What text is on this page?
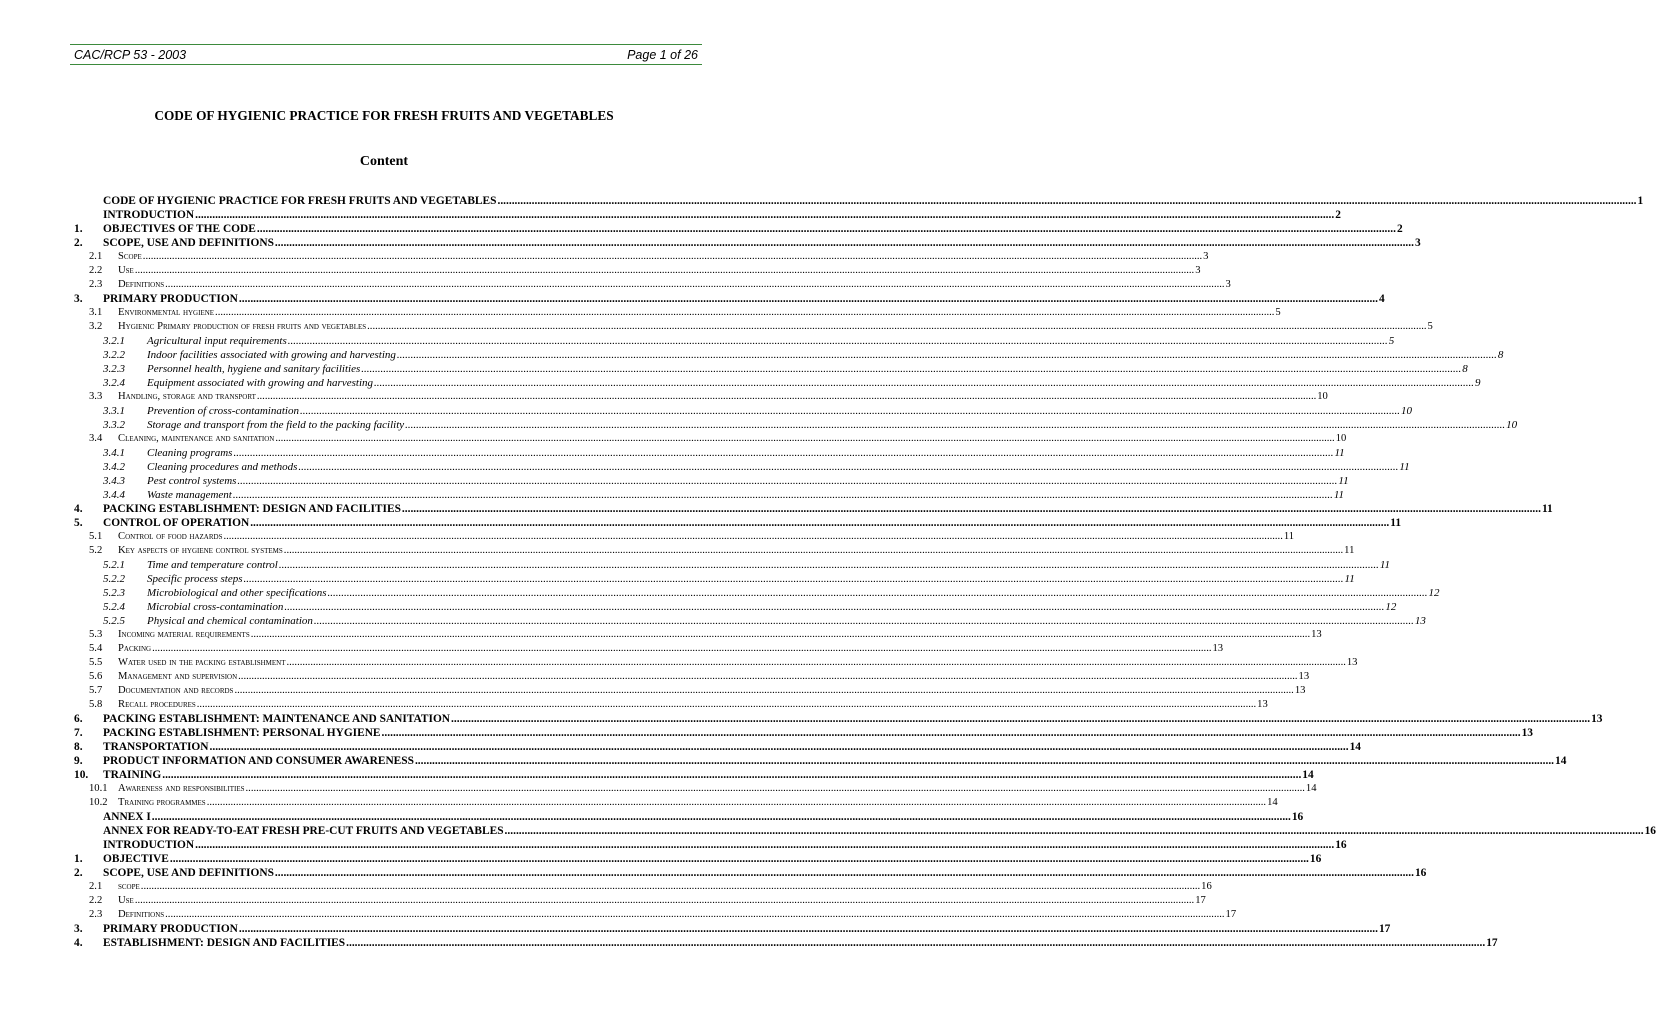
CAC/RCP 53 - 2003	Page 1 of 26
CODE OF HYGIENIC PRACTICE FOR FRESH FRUITS AND VEGETABLES
Content
CODE OF HYGIENIC PRACTICE FOR FRESH FRUITS AND VEGETABLES ................................................................................................................................................................................................................................................................................................................................................................................................................ 1
INTRODUCTION ................................................................................................................................................................................................................................................................................................................................................................................................................ 2
1. OBJECTIVES OF THE CODE ................................................................................................................................................................................................................................................................................................................................................................................................................ 2
2. SCOPE, USE AND DEFINITIONS ................................................................................................................................................................................................................................................................................................................................................................................................................ 3
2.1 Scope ................................................................................................................................................................................................................................................................................................................................................................................................................ 3
2.2 Use ................................................................................................................................................................................................................................................................................................................................................................................................................ 3
2.3 Definitions ................................................................................................................................................................................................................................................................................................................................................................................................................ 3
3. PRIMARY PRODUCTION ................................................................................................................................................................................................................................................................................................................................................................................................................ 4
3.1 Environmental hygiene ................................................................................................................................................................................................................................................................................................................................................................................................................ 5
3.2 Hygienic Primary production of fresh fruits and vegetables ................................................................................................................................................................................................................................................................................................................................................................................................................ 5
3.2.1 Agricultural input requirements ................................................................................................................................................................................................................................................................................................................................................................................................................ 5
3.2.2 Indoor facilities associated with growing and harvesting ................................................................................................................................................................................................................................................................................................................................................................................................................ 8
3.2.3 Personnel health, hygiene and sanitary facilities ................................................................................................................................................................................................................................................................................................................................................................................................................ 8
3.2.4 Equipment associated with growing and harvesting ................................................................................................................................................................................................................................................................................................................................................................................................................ 9
3.3 Handling, storage and transport ................................................................................................................................................................................................................................................................................................................................................................................................................ 10
3.3.1 Prevention of cross-contamination ................................................................................................................................................................................................................................................................................................................................................................................................................ 10
3.3.2 Storage and transport from the field to the packing facility ................................................................................................................................................................................................................................................................................................................................................................................................................ 10
3.4 Cleaning, maintenance and sanitation ................................................................................................................................................................................................................................................................................................................................................................................................................ 10
3.4.1 Cleaning programs ................................................................................................................................................................................................................................................................................................................................................................................................................ 11
3.4.2 Cleaning procedures and methods ................................................................................................................................................................................................................................................................................................................................................................................................................ 11
3.4.3 Pest control systems ................................................................................................................................................................................................................................................................................................................................................................................................................ 11
3.4.4 Waste management ................................................................................................................................................................................................................................................................................................................................................................................................................ 11
4. PACKING ESTABLISHMENT: DESIGN AND FACILITIES ................................................................................................................................................................................................................................................................................................................................................................................................................ 11
5. CONTROL OF OPERATION ................................................................................................................................................................................................................................................................................................................................................................................................................ 11
5.1 Control of food hazards ................................................................................................................................................................................................................................................................................................................................................................................................................ 11
5.2 Key aspects of hygiene control systems ................................................................................................................................................................................................................................................................................................................................................................................................................ 11
5.2.1 Time and temperature control ................................................................................................................................................................................................................................................................................................................................................................................................................ 11
5.2.2 Specific process steps ................................................................................................................................................................................................................................................................................................................................................................................................................ 11
5.2.3 Microbiological and other specifications ................................................................................................................................................................................................................................................................................................................................................................................................................ 12
5.2.4 Microbial cross-contamination ................................................................................................................................................................................................................................................................................................................................................................................................................ 12
5.2.5 Physical and chemical contamination ................................................................................................................................................................................................................................................................................................................................................................................................................ 13
5.3 Incoming material requirements ................................................................................................................................................................................................................................................................................................................................................................................................................ 13
5.4 Packing ................................................................................................................................................................................................................................................................................................................................................................................................................ 13
5.5 Water used in the packing establishment ................................................................................................................................................................................................................................................................................................................................................................................................................ 13
5.6 Management and supervision ................................................................................................................................................................................................................................................................................................................................................................................................................ 13
5.7 Documentation and records ................................................................................................................................................................................................................................................................................................................................................................................................................ 13
5.8 Recall procedures ................................................................................................................................................................................................................................................................................................................................................................................................................ 13
6. PACKING ESTABLISHMENT: MAINTENANCE AND SANITATION ................................................................................................................................................................................................................................................................................................................................................................................................................ 13
7. PACKING ESTABLISHMENT: PERSONAL HYGIENE ................................................................................................................................................................................................................................................................................................................................................................................................................ 13
8. TRANSPORTATION ................................................................................................................................................................................................................................................................................................................................................................................................................ 14
9. PRODUCT INFORMATION AND CONSUMER AWARENESS ................................................................................................................................................................................................................................................................................................................................................................................................................ 14
10. TRAINING ................................................................................................................................................................................................................................................................................................................................................................................................................ 14
10.1 Awareness and responsibilities ................................................................................................................................................................................................................................................................................................................................................................................................................ 14
10.2 Training programmes ................................................................................................................................................................................................................................................................................................................................................................................................................ 14
ANNEX I ................................................................................................................................................................................................................................................................................................................................................................................................................ 16
ANNEX FOR READY-TO-EAT FRESH PRE-CUT FRUITS AND VEGETABLES ................................................................................................................................................................................................................................................................................................................................................................................................................ 16
INTRODUCTION ................................................................................................................................................................................................................................................................................................................................................................................................................ 16
1. OBJECTIVE ................................................................................................................................................................................................................................................................................................................................................................................................................ 16
2. SCOPE, USE AND DEFINITIONS ................................................................................................................................................................................................................................................................................................................................................................................................................ 16
2.1 scope ................................................................................................................................................................................................................................................................................................................................................................................................................ 16
2.2 Use ................................................................................................................................................................................................................................................................................................................................................................................................................ 17
2.3 Definitions ................................................................................................................................................................................................................................................................................................................................................................................................................ 17
3. PRIMARY PRODUCTION ................................................................................................................................................................................................................................................................................................................................................................................................................ 17
4. ESTABLISHMENT: DESIGN AND FACILITIES ................................................................................................................................................................................................................................................................................................................................................................................................................ 17
